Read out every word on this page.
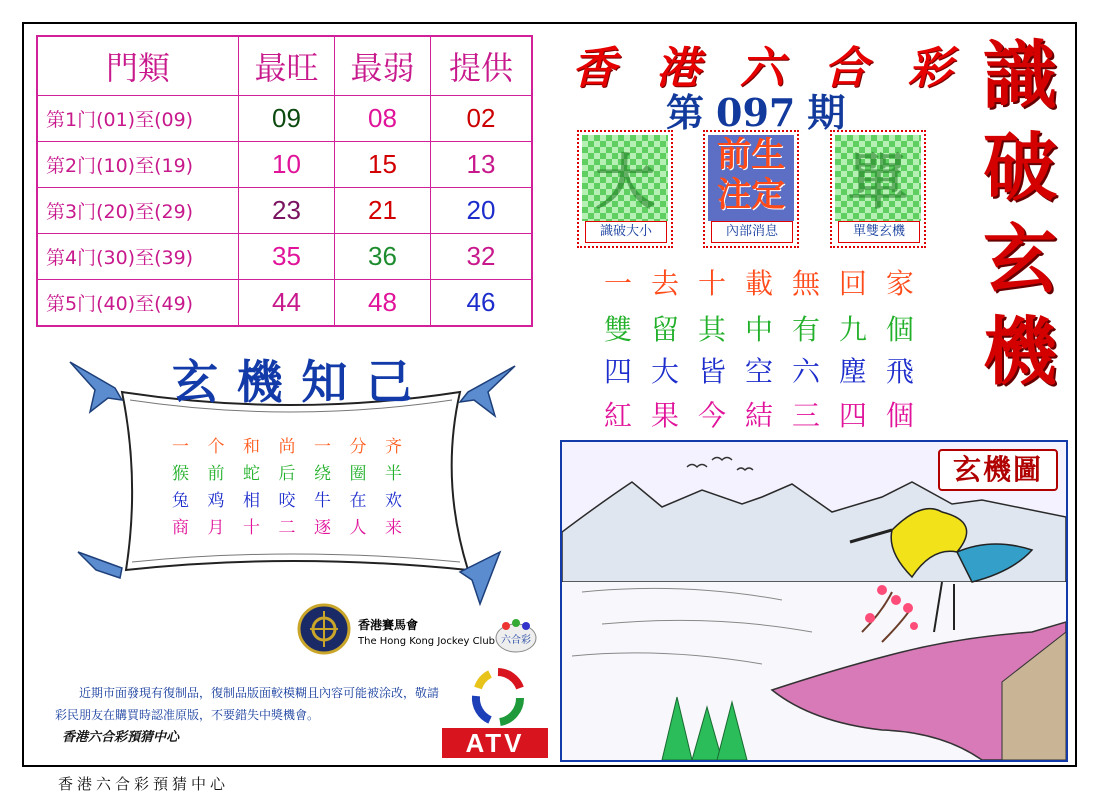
門類	最旺	最弱	提供
第1门(01)至(09)	09	08	02
第2门(10)至(19)	10	15	13
第3门(20)至(29)	23	21	20
第4门(30)至(39)	35	36	32
第5门(40)至(49)	44	48	46
香 港 六 合 彩
第 097 期 識
破
玄
機
大
識破大小
前生
注定
內部消息
單
單雙玄機
一 去 十 載 無 回 家
雙 留 其 中 有 九 個
四 大 皆 空 六 塵 飛
紅 果 今 結 三 四 個
玄 機 知 己
一 个 和 尚 一 分 齐
猴 前 蛇 后 绕 圈 半
兔 鸡 相 咬 牛 在 欢
商 月 十 二 逐 人 来
香港賽馬會
The Hong Kong Jockey Club 六合彩

近期市面發現有復制品，復制品版面較模糊且內容可能被涂改，敬請彩民朋友在購買時認准原版，不要錯失中獎機會。

香港六合彩預猜中心	ATV
玄機圖
香港六合彩預猜中心
